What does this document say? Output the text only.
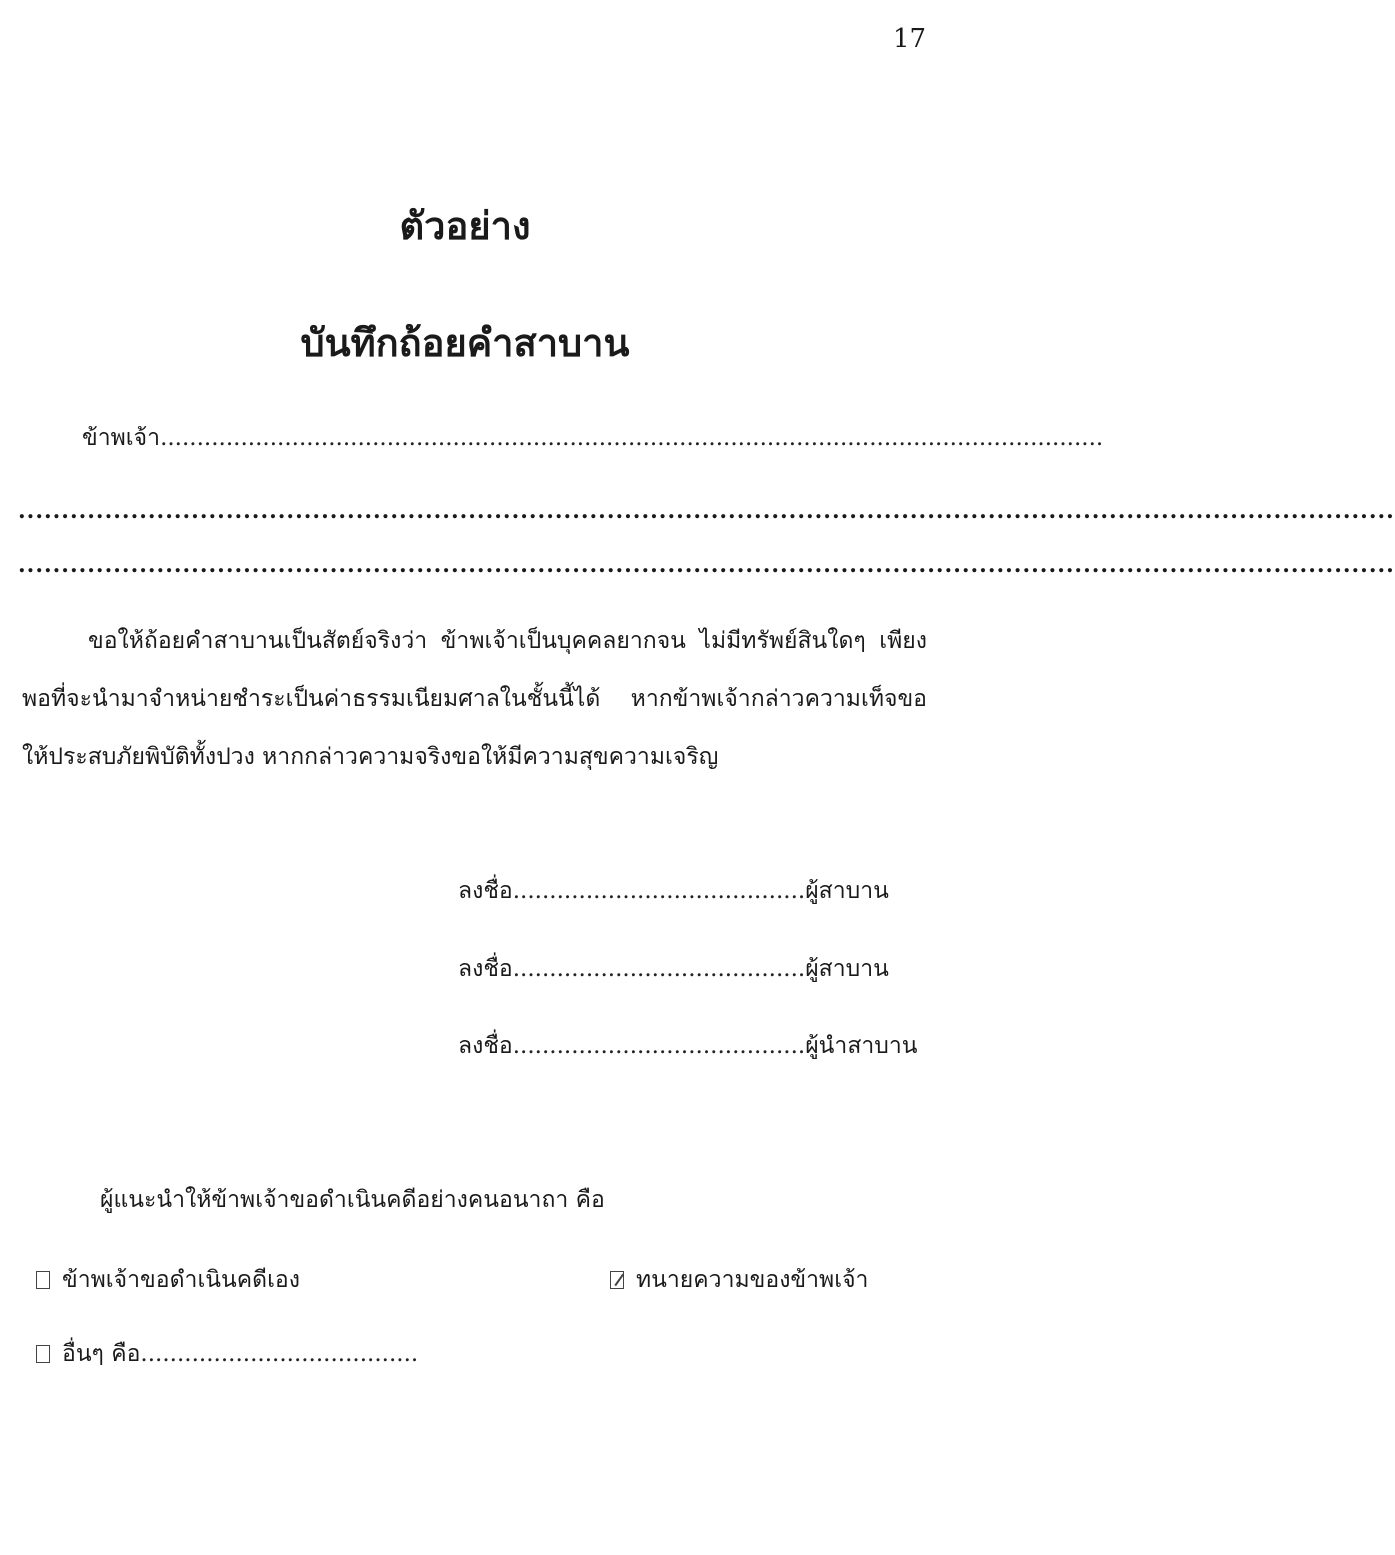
17
ตัวอย่าง
บันทึกถ้อยคำสาบาน
ข้าพเจ้า.................................................................................................................................
...............................................................................................................................................................
...............................................................................................................................................................

ขอให้ถ้อยคำสาบานเป็นสัตย์จริงว่า ข้าพเจ้าเป็นบุคคลยากจน ไม่มีทรัพย์สินใดๆ เพียงพอที่จะนำมาจำหน่ายชำระเป็นค่าธรรมเนียมศาลในชั้นนี้ได้ หากข้าพเจ้ากล่าวความเท็จขอให้ประสบภัยพิบัติทั้งปวง หากกล่าวความจริงขอให้มีความสุขความเจริญ

ลงชื่อ........................................ผู้สาบาน
ลงชื่อ........................................ผู้สาบาน
ลงชื่อ........................................ผู้นำสาบาน
ผู้แนะนำให้ข้าพเจ้าขอดำเนินคดีอย่างคนอนาถา คือ
ข้าพเจ้าขอดำเนินคดีเอง	ทนายความของข้าพเจ้า
อื่นๆ คือ......................................
